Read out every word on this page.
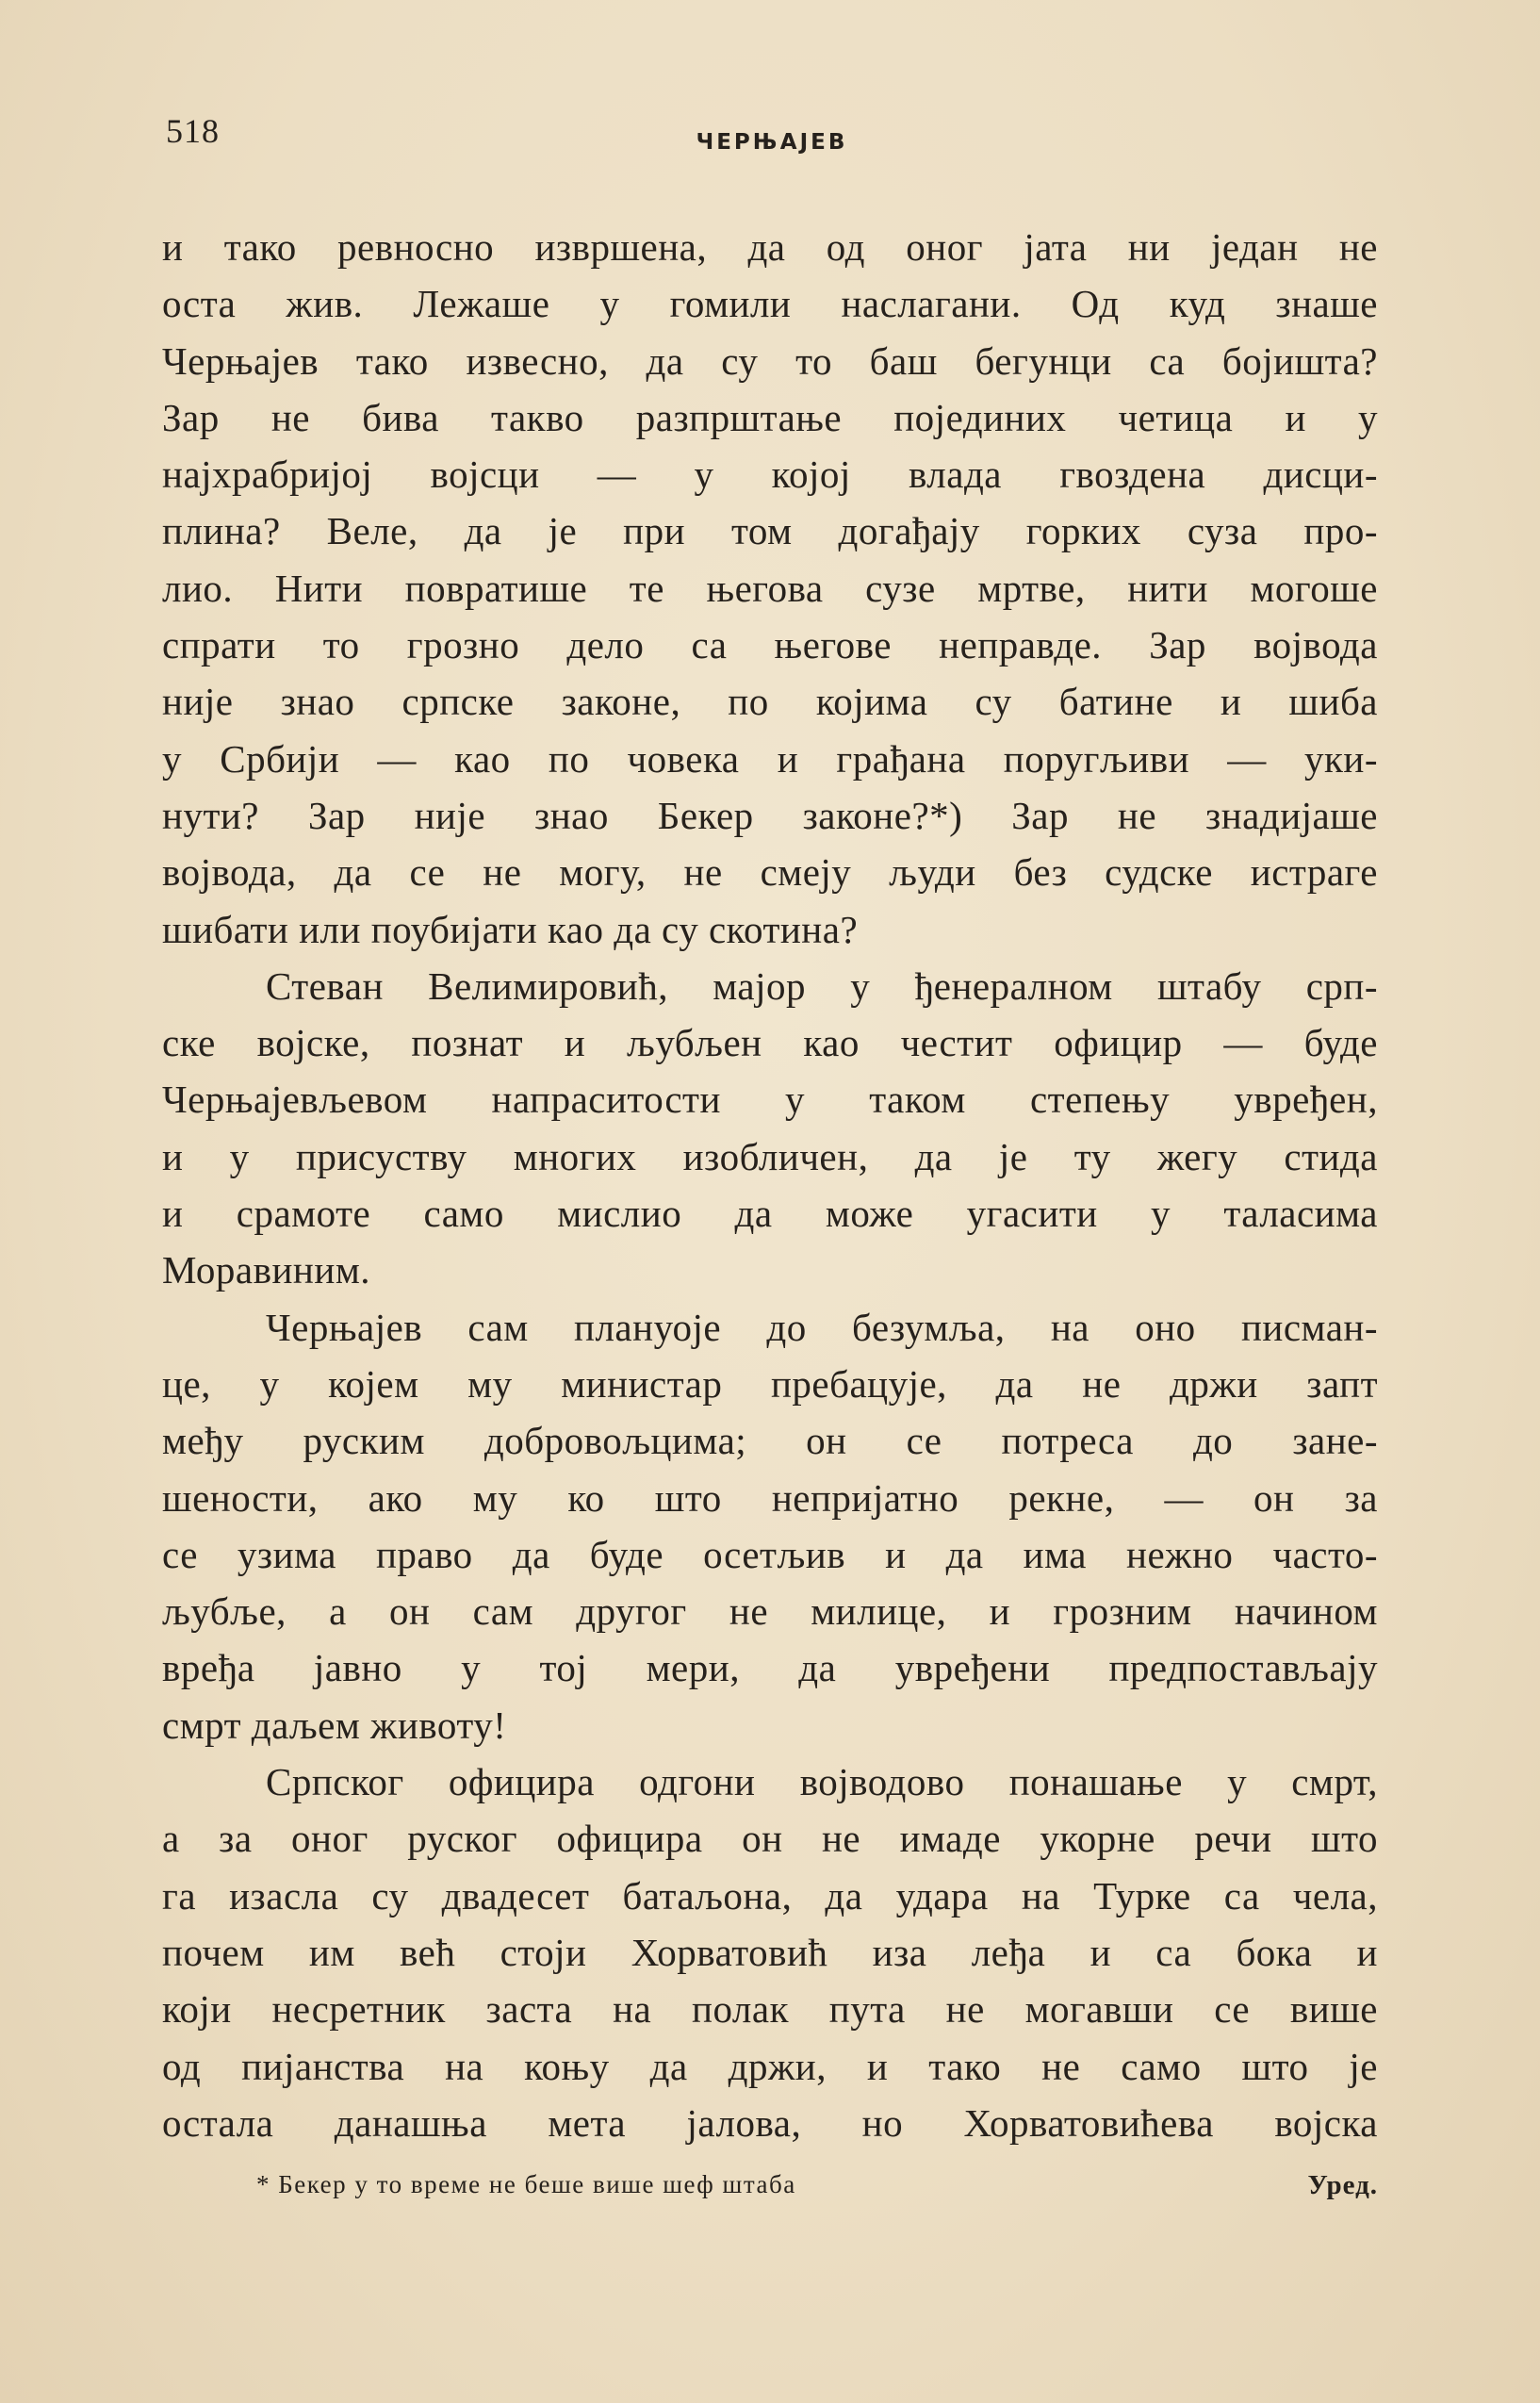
518	ЧЕРЊАЈЕВ
и тако ревносно извршена, да од оног јата ни један не
оста жив. Лежаше у гомили наслагани. Од куд знаше
Черњајев тако извесно, да су то баш бегунци са бојишта?
Зар не бива такво разпрштање појединих четица и у
најхрабријој војсци — у којој влада гвоздена дисци-
плина? Веле, да је при том догађају горких суза про-
лио. Нити повратише те његова сузе мртве, нити могоше
спрати то грозно дело са његове неправде. Зар војвода
није знао српске законе, по којима су батине и шиба
у Србији — као по човека и грађана поругљиви — уки-
нути? Зар није знао Бекер законе?*) Зар не знадијаше
војвода, да се не могу, не смеју људи без судске истраге
шибати или поубијати као да су скотина?
Стеван Велимировић, мајор у ђенералном штабу срп-
ске војске, познат и љубљен као честит официр — буде
Черњајевљевом напраситости у таком степењу увређен,
и у присуству многих изобличен, да је ту жегу стида
и срамоте само мислио да може угасити у таласима
Моравиним.
Черњајев сам плануоје до безумља, на оно писман-
це, у којем му министар пребацује, да не држи запт
међу руским добровољцима; он се потреса до зане-
шености, ако му ко што непријатно рекне, — он за
се узима право да буде осетљив и да има нежно часто-
љубље, а он сам другог не милице, и грозним начином
вређа јавно у тој мери, да увређени предпостављају
смрт даљем животу!
Српског официра одгони војводово понашање у смрт,
а за оног руског официра он не имаде укорне речи што
га изасла су двадесет батаљона, да удара на Турке са чела,
почем им већ стоји Хорватовић иза леђа и са бока и
који несретник заста на полак пута не могавши се више
од пијанства на коњу да држи, и тако не само што је
остала данашња мета јалова, но Хорватовићева војска
* Бекер у то време не беше више шеф штаба	Уред.
